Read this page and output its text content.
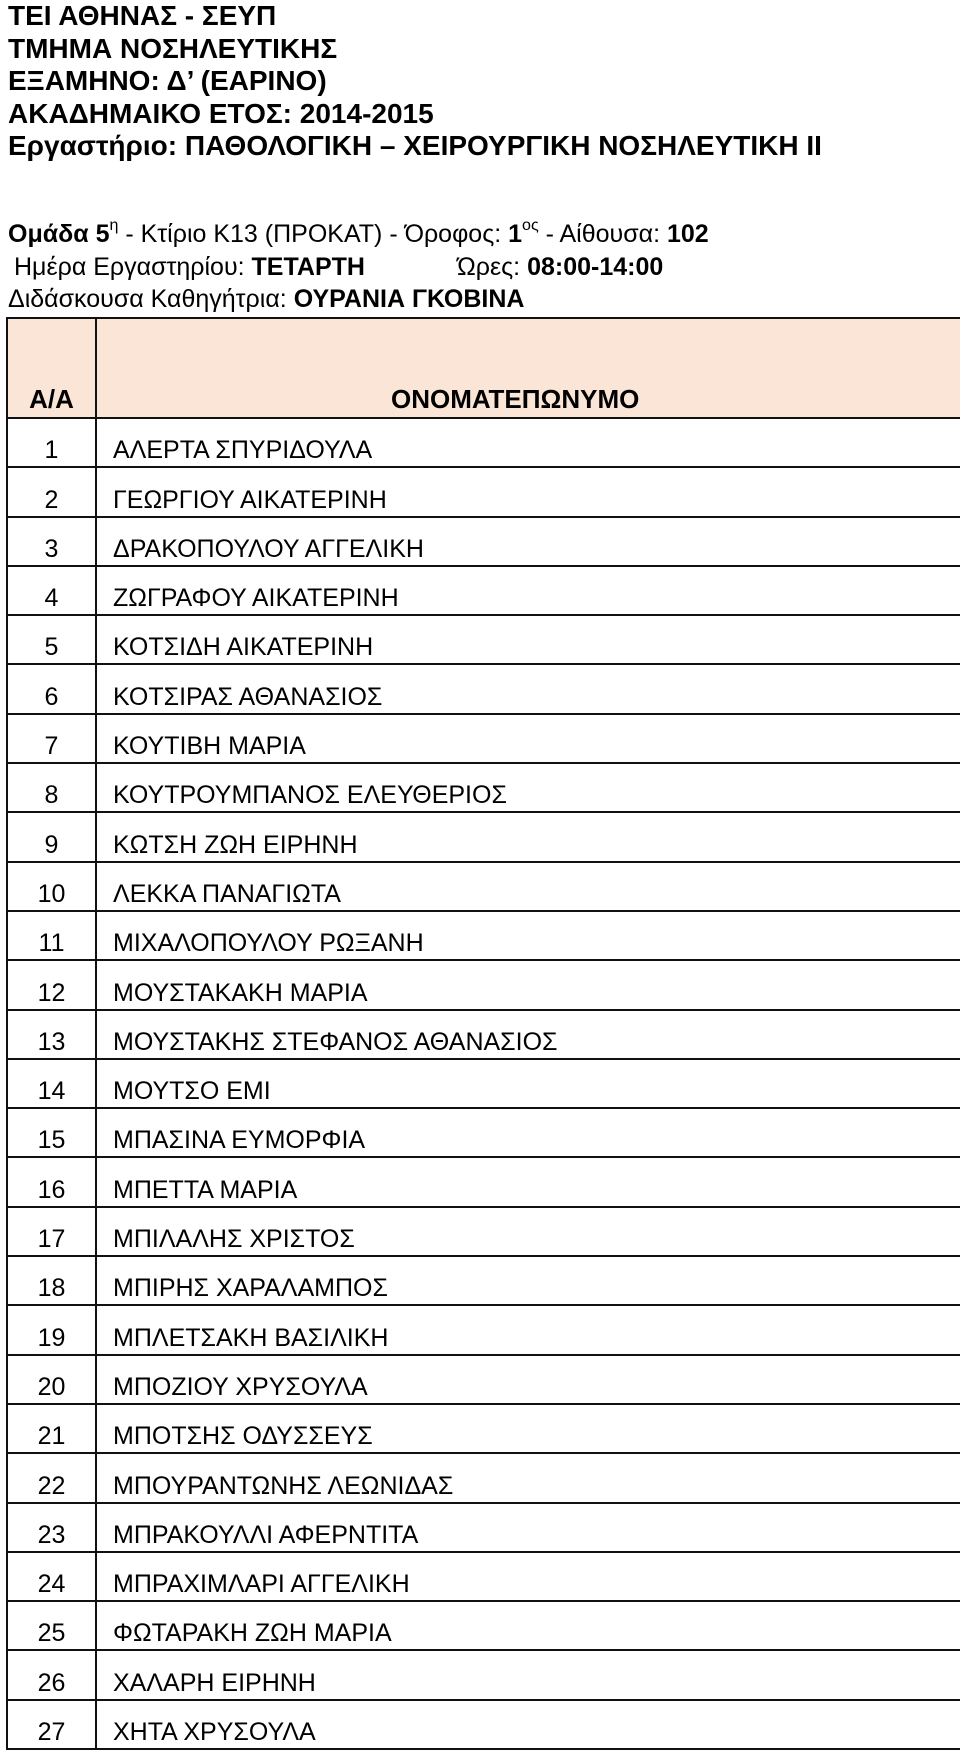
ΤΕΙ ΑΘΗΝΑΣ - ΣΕΥΠ
ΤΜΗΜΑ ΝΟΣΗΛΕΥΤΙΚΗΣ
ΕΞΑΜΗΝΟ: Δ’ (ΕΑΡΙΝΟ)
ΑΚΑΔΗΜΑΙΚΟ ΕΤΟΣ: 2014-2015
Εργαστήριο: ΠΑΘΟΛΟΓΙΚΗ – ΧΕΙΡΟΥΡΓΙΚΗ ΝΟΣΗΛΕΥΤΙΚΗ ΙΙ
Ομάδα $5^\eta$ - Κτίριο Κ13 (ΠΡΟΚΑΤ) - Όροφος: $1^{o\varsigma}$ - Αίθουσα: 102
Ημέρα Εργαστηρίου: ΤΕΤΑΡΤΗ	Ώρες: 08:00-14:00
Διδάσκουσα Καθηγήτρια: ΟΥΡΑΝΙΑ ΓΚΟΒΙΝΑ
Α/Α	ΟΝΟΜΑΤΕΠΩΝΥΜΟ
1	ΑΛΕΡΤΑ ΣΠΥΡΙΔΟΥΛΑ
2	ΓΕΩΡΓΙΟΥ ΑΙΚΑΤΕΡΙΝΗ
3	ΔΡΑΚΟΠΟΥΛΟΥ ΑΓΓΕΛΙΚΗ
4	ΖΩΓΡΑΦΟΥ ΑΙΚΑΤΕΡΙΝΗ
5	ΚΟΤΣΙΔΗ ΑΙΚΑΤΕΡΙΝΗ
6	ΚΟΤΣΙΡΑΣ ΑΘΑΝΑΣΙΟΣ
7	ΚΟΥΤΙΒΗ ΜΑΡΙΑ
8	ΚΟΥΤΡΟΥΜΠΑΝΟΣ ΕΛΕΥΘΕΡΙΟΣ
9	ΚΩΤΣΗ ΖΩΗ ΕΙΡΗΝΗ
10	ΛΕΚΚΑ ΠΑΝΑΓΙΩΤΑ
11	ΜΙΧΑΛΟΠΟΥΛΟΥ ΡΩΞΑΝΗ
12	ΜΟΥΣΤΑΚΑΚΗ ΜΑΡΙΑ
13	ΜΟΥΣΤΑΚΗΣ ΣΤΕΦΑΝΟΣ ΑΘΑΝΑΣΙΟΣ
14	ΜΟΥΤΣΟ ΕΜΙ
15	ΜΠΑΣΙΝΑ ΕΥΜΟΡΦΙΑ
16	ΜΠΕΤΤΑ ΜΑΡΙΑ
17	ΜΠΙΛΑΛΗΣ ΧΡΙΣΤΟΣ
18	ΜΠΙΡΗΣ ΧΑΡΑΛΑΜΠΟΣ
19	ΜΠΛΕΤΣΑΚΗ ΒΑΣΙΛΙΚΗ
20	ΜΠΟΖΙΟΥ ΧΡΥΣΟΥΛΑ
21	ΜΠΟΤΣΗΣ ΟΔΥΣΣΕΥΣ
22	ΜΠΟΥΡΑΝΤΩΝΗΣ ΛΕΩΝΙΔΑΣ
23	ΜΠΡΑΚΟΥΛΛΙ ΑΦΕΡΝΤΙΤΑ
24	ΜΠΡΑΧΙΜΛΑΡΙ ΑΓΓΕΛΙΚΗ
25	ΦΩΤΑΡΑΚΗ ΖΩΗ ΜΑΡΙΑ
26	ΧΑΛΑΡΗ ΕΙΡΗΝΗ
27	ΧΗΤΑ ΧΡΥΣΟΥΛΑ
